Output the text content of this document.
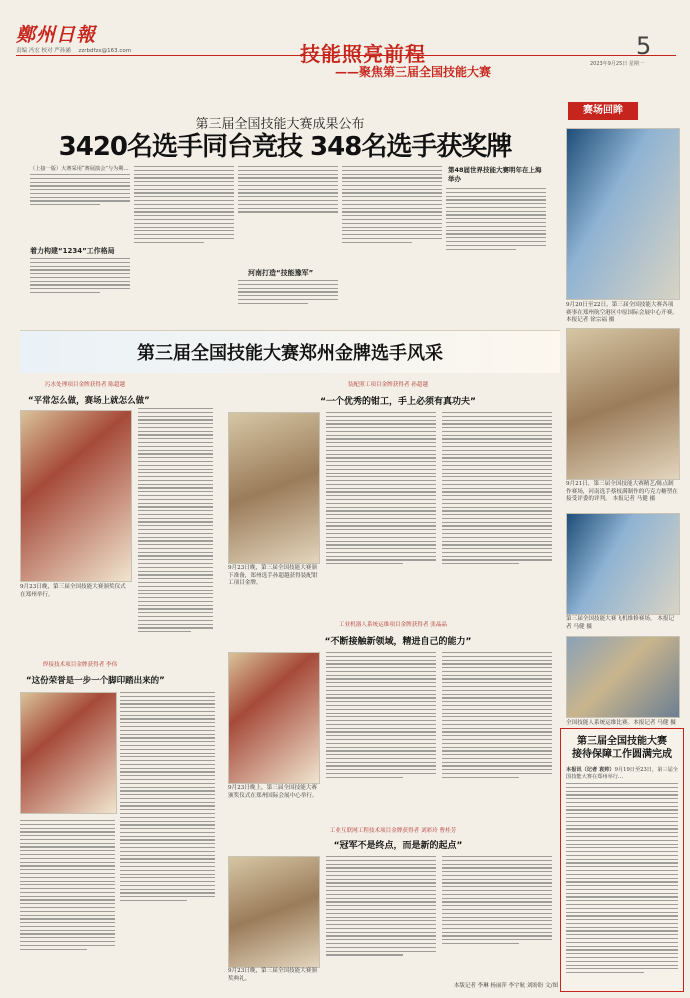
鄭州日報
责编 冯宏 校对 严孙涵 zzrbdfzx@163.com	技能照亮前程
——聚焦第三届全国技能大赛
5
2023年9月25日 星期一
第三届全国技能大赛成果公布
3420名选手同台竞技 348名选手获奖牌
（上接一版）大赛采用“赛展演会”与为期…
着力构建“1234”工作格局
河南打造“技能豫军”
第48届世界技能大赛明年在上海举办
赛场回眸
9月20日至22日，第三届全国技能大赛各项赛事在郑州航空港区中原国际会展中心开赛。 本报记者 徐宗福 摄
9月21日，第三届全国技能大赛精艺/陈点制作赛场，河南选手蔡枝满制作的巧克力糖塑在接受评委的评判。 本报记者 马健 摄
第三届全国技能大赛飞机维修赛场。 本报记者 马健 摄
全国技能人系统运维比赛。本报记者 马健 摄
第三届全国技能大赛郑州金牌选手风采
污水处理项目金牌获得者 陈超越
“平常怎么做，赛场上就怎么做”
9月23日晚，第三届全国技能大赛颁奖仪式在郑州举行。
焊接技术项目金牌获得者 李伟
“这份荣誉是一步一个脚印踏出来的”
装配照工项目金牌获得者 孙超越
“一个优秀的钳工，手上必须有真功夫”
9月23日晚，第三届全国技能大赛颁下准备，郑州选手孙超越获得装配钳工项目金牌。
工业机器人系统运维项目金牌获得者 张晶晶
“不断接触新领域，精进自己的能力”
9月23日晚上，第三届全国技能大赛颁奖仪式在郑州国际会展中心举行。
工业互联网工程技术项目金牌获得者 刘彩玲 曹桂芳
“冠军不是终点，而是新的起点”
9月23日晚，第三届全国技能大赛颁奖典礼。
本版记者 李琳 杨丽萍 李宇航 刘盼盼 文/图
第三届全国技能大赛
接待保障工作圆满完成
本报讯（记者 袁帅）9月19日至23日，第三届全国技能大赛在郑州举行…
